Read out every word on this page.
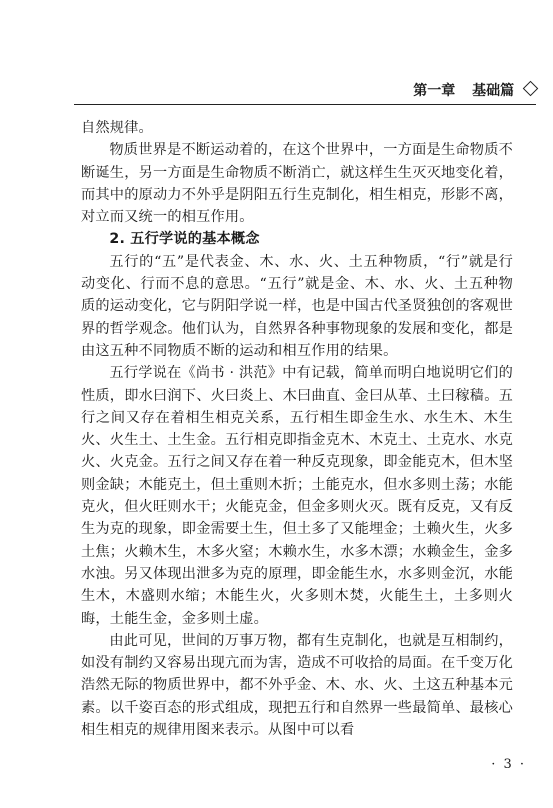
第一章 基础篇

自然规律。

物质世界是不断运动着的，在这个世界中，一方面是生命物质不断诞生，另一方面是生命物质不断消亡，就这样生生灭灭地变化着，而其中的原动力不外乎是阴阳五行生克制化，相生相克，形影不离，对立而又统一的相互作用。

2. 五行学说的基本概念

五行的“五”是代表金、木、水、火、土五种物质，“行”就是行动变化、行而不息的意思。“五行”就是金、木、水、火、土五种物质的运动变化，它与阴阳学说一样，也是中国古代圣贤独创的客观世界的哲学观念。他们认为，自然界各种事物现象的发展和变化，都是由这五种不同物质不断的运动和相互作用的结果。

五行学说在《尚书 · 洪范》中有记载，简单而明白地说明它们的性质，即水曰润下、火曰炎上、木曰曲直、金曰从革、土曰稼穑。五行之间又存在着相生相克关系，五行相生即金生水、水生木、木生火、火生土、土生金。五行相克即指金克木、木克土、土克水、水克火、火克金。五行之间又存在着一种反克现象，即金能克木，但木坚则金缺；木能克土，但土重则木折；土能克水，但水多则土荡；水能克火，但火旺则水干；火能克金，但金多则火灭。既有反克，又有反生为克的现象，即金需要土生，但土多了又能埋金；土赖火生，火多土焦；火赖木生，木多火窒；木赖水生，水多木漂；水赖金生，金多水浊。另又体现出泄多为克的原理，即金能生水，水多则金沉，水能生木，木盛则水缩；木能生火，火多则木焚，火能生土，土多则火晦，土能生金，金多则土虚。

由此可见，世间的万事万物，都有生克制化，也就是互相制约，如没有制约又容易出现亢而为害，造成不可收拾的局面。在千变万化浩然无际的物质世界中，都不外乎金、木、水、火、土这五种基本元素。以千姿百态的形式组成，现把五行和自然界一些最简单、最核心相生相克的规律用图来表示。从图中可以看

· 3 ·
